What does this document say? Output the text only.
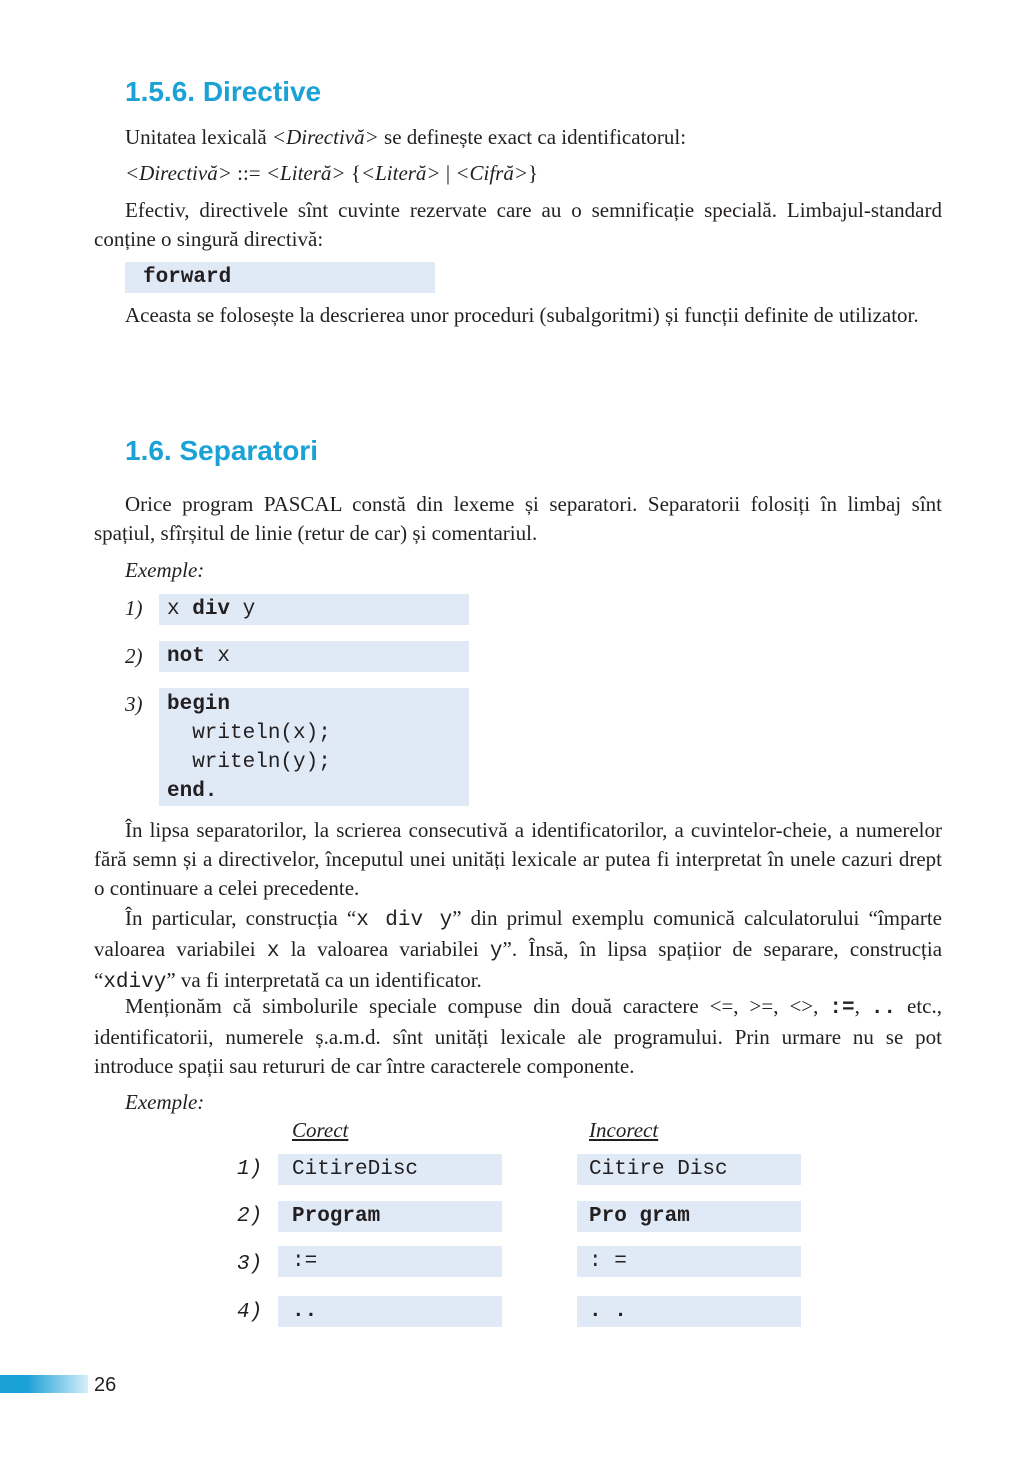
1.5.6. Directive

Unitatea lexicală <Directivă> se definește exact ca identificatorul:

<Directivă> ::= <Literă> {<Literă> | <Cifră>}

Efectiv, directivele sînt cuvinte rezervate care au o semnificație specială. Limbajul-standard conține o singură directivă:

forward

Aceasta se folosește la descrierea unor proceduri (subalgoritmi) și funcții definite de utilizator.

1.6. Separatori

Orice program PASCAL constă din lexeme și separatori. Separatorii folosiți în limbaj sînt spațiul, sfîrșitul de linie (retur de car) și comentariul.

Exemple:

1)	x div y
2)	not x
3) begin
writeln(x);
writeln(y);
end.

În lipsa separatorilor, la scrierea consecutivă a identificatorilor, a cuvintelor-cheie, a numerelor fără semn și a directivelor, începutul unei unități lexicale ar putea fi interpretat în unele cazuri drept o continuare a celei precedente.

În particular, construcția “x div y” din primul exemplu comunică calculatorului “împarte valoarea variabilei x la valoarea variabilei y”. Însă, în lipsa spațiior de separare, construcția “xdivy” va fi interpretată ca un identificator.

Menționăm că simbolurile speciale compuse din două caractere <=, >=, <>, :=, .. etc., identificatorii, numerele ș.a.m.d. sînt unități lexicale ale programului. Prin urmare nu se pot introduce spații sau retururi de car între caracterele componente.

Exemple:

Corect	Incorect
1)	CitireDisc	Citire Disc
2)	Program	Pro gram
3)	:=	: =
4)	..	. .
26
